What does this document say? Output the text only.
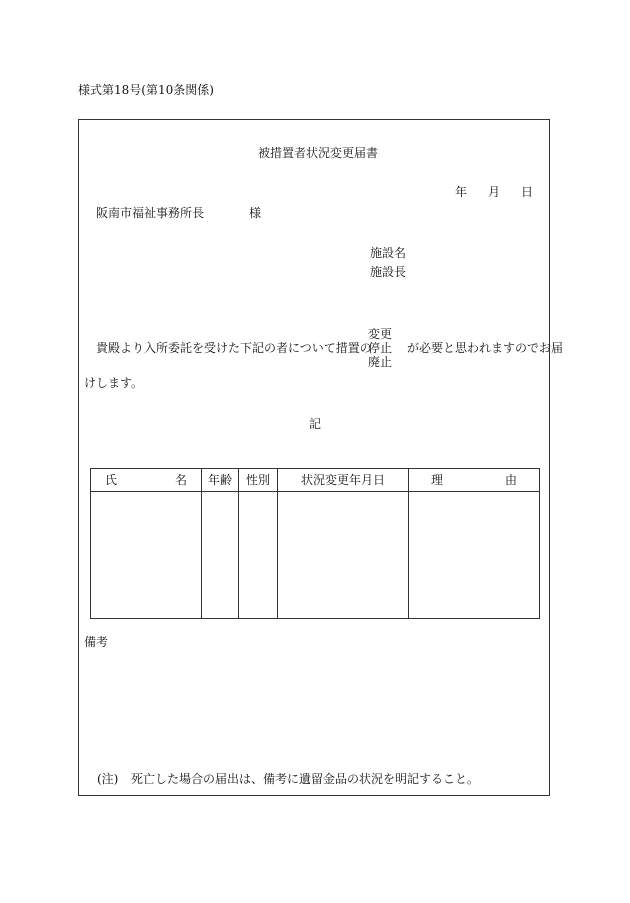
様式第18号(第10条関係)
被措置者状況変更届書
年 月 日
阪南市福祉事務所長	様
施設名
施設長
貴殿より入所委託を受けた下記の者について措置の
変更
停止
廃止
が必要と思われますのでお届
けします。
記
氏 名	年齢	性別	状況変更年月日	理 由

備考
(注) 死亡した場合の届出は、備考に遺留金品の状況を明記すること。
